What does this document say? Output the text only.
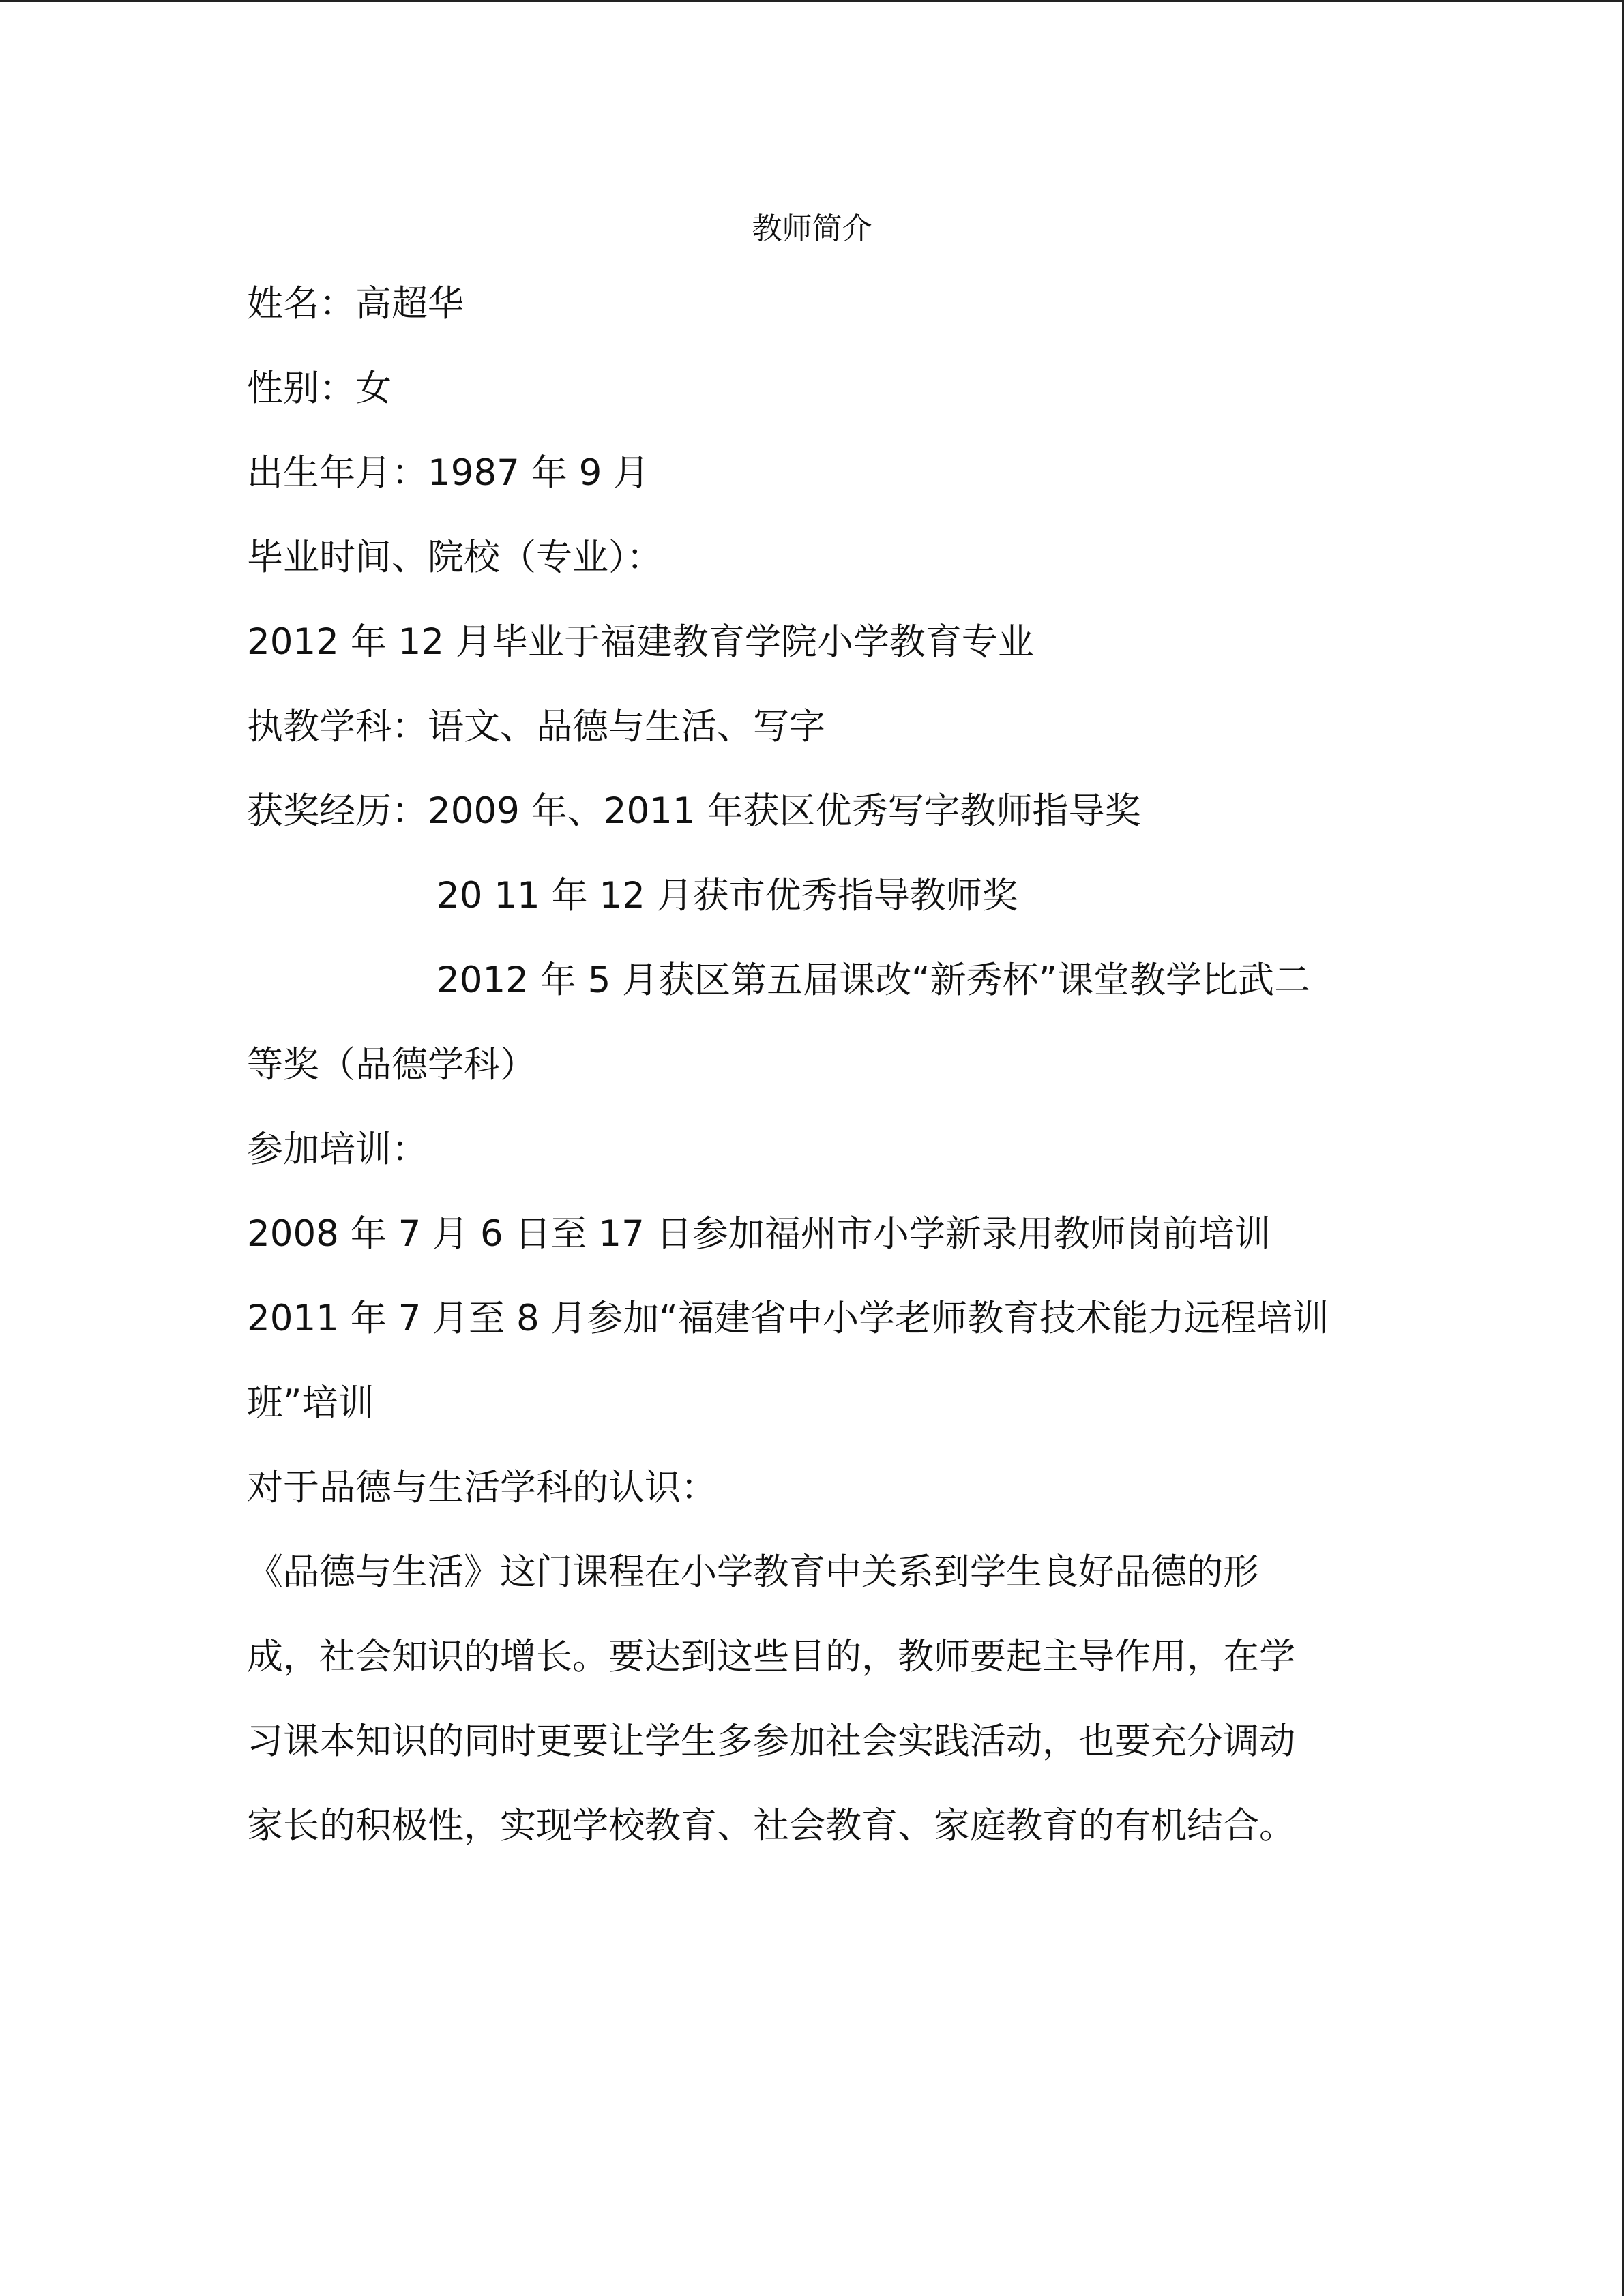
教师简介
姓名：高超华
性别：女
出生年月：1987 年 9 月
毕业时间、院校（专业）：
2012 年 12 月毕业于福建教育学院小学教育专业
执教学科：语文、品德与生活、写字
获奖经历：2009 年、2011 年获区优秀写字教师指导奖
20 11 年 12 月获市优秀指导教师奖
2012 年 5 月获区第五届课改“新秀杯”课堂教学比武二
等奖（品德学科）
参加培训：
2008 年 7 月 6 日至 17 日参加福州市小学新录用教师岗前培训
2011 年 7 月至 8 月参加“福建省中小学老师教育技术能力远程培训
班”培训
对于品德与生活学科的认识：
《品德与生活》这门课程在小学教育中关系到学生良好品德的形
成，社会知识的增长。要达到这些目的，教师要起主导作用，在学
习课本知识的同时更要让学生多参加社会实践活动，也要充分调动
家长的积极性，实现学校教育、社会教育、家庭教育的有机结合。
